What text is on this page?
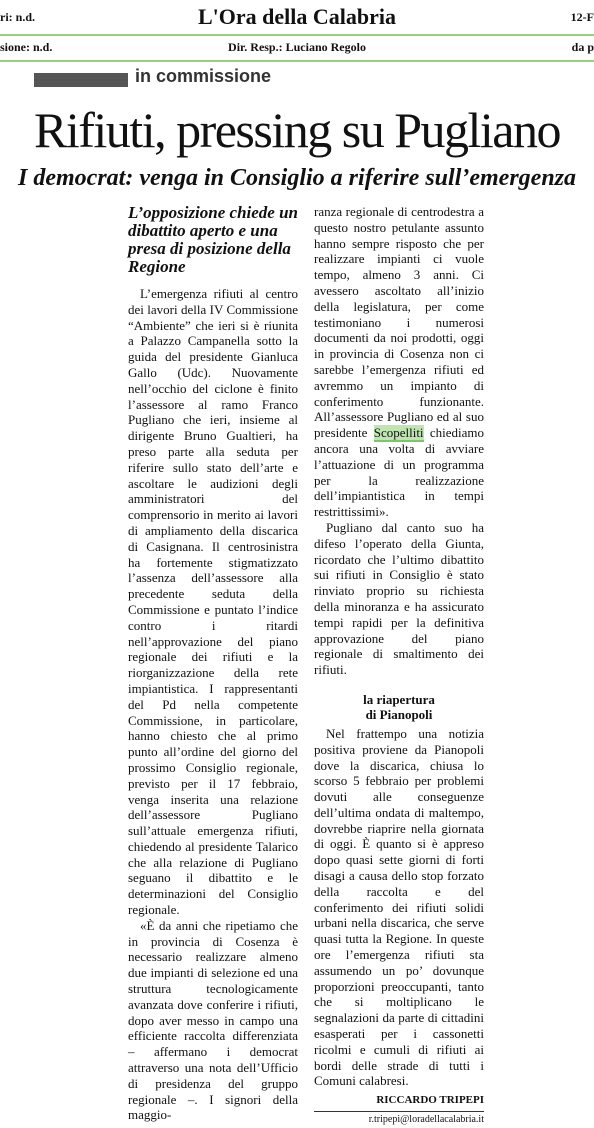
ri: n.d.
sione: n.d.
L'Ora della Calabria
Dir. Resp.: Luciano Regolo
12-F
da p
in commissione
Rifiuti, pressing su Pugliano
I democrat: venga in Consiglio a riferire sull’emergenza
L’opposizione chiede un dibattito aperto e una presa di posizione della Regione

L’emergenza rifiuti al centro dei lavori della IV Commissione “Ambiente” che ieri si è riunita a Palazzo Campanella sotto la guida del presidente Gianluca Gallo (Udc). Nuovamente nell’occhio del ciclone è finito l’assessore al ramo Franco Pugliano che ieri, insieme al dirigente Bruno Gualtieri, ha preso parte alla seduta per riferire sullo stato dell’arte e ascoltare le audizioni degli amministratori del comprensorio in merito ai lavori di ampliamento della discarica di Casignana. Il centrosinistra ha fortemente stigmatizzato l’assenza dell’assessore alla precedente seduta della Commissione e puntato l’indice contro i ritardi nell’approvazione del piano regionale dei rifiuti e la riorganizzazione della rete impiantistica. I rappresentanti del Pd nella competente Commissione, in particolare, hanno chiesto che al primo punto all’ordine del giorno del prossimo Consiglio regionale, previsto per il 17 febbraio, venga inserita una relazione dell’assessore Pugliano sull’attuale emergenza rifiuti, chiedendo al presidente Talarico che alla relazione di Pugliano seguano il dibattito e le determinazioni del Consiglio regionale.

«È da anni che ripetiamo che in provincia di Cosenza è necessario realizzare almeno due impianti di selezione ed una struttura tecnologicamente avanzata dove conferire i rifiuti, dopo aver messo in campo una efficiente raccolta differenziata – affermano i democrat attraverso una nota dell’Ufficio di presidenza del gruppo regionale –. I signori della maggio-

ranza regionale di centrodestra a questo nostro petulante assunto hanno sempre risposto che per realizzare impianti ci vuole tempo, almeno 3 anni. Ci avessero ascoltato all’inizio della legislatura, per come testimoniano i numerosi documenti da noi prodotti, oggi in provincia di Cosenza non ci sarebbe l’emergenza rifiuti ed avremmo un impianto di conferimento funzionante. All’assessore Pugliano ed al suo presidente Scopelliti chiediamo ancora una volta di avviare l’attuazione di un programma per la realizzazione dell’impiantistica in tempi restrittissimi».

Pugliano dal canto suo ha difeso l’operato della Giunta, ricordato che l’ultimo dibattito sui rifiuti in Consiglio è stato rinviato proprio su richiesta della minoranza e ha assicurato tempi rapidi per la definitiva approvazione del piano regionale di smaltimento dei rifiuti.

la riapertura
di Pianopoli

Nel frattempo una notizia positiva proviene da Pianopoli dove la discarica, chiusa lo scorso 5 febbraio per problemi dovuti alle conseguenze dell’ultima ondata di maltempo, dovrebbe riaprire nella giornata di oggi. È quanto si è appreso dopo quasi sette giorni di forti disagi a causa dello stop forzato della raccolta e del conferimento dei rifiuti solidi urbani nella discarica, che serve quasi tutta la Regione. In queste ore l’emergenza rifiuti sta assumendo un po’ dovunque proporzioni preoccupanti, tanto che si moltiplicano le segnalazioni da parte di cittadini esasperati per i cassonetti ricolmi e cumuli di rifiuti ai bordi delle strade di tutti i Comuni calabresi.

RICCARDO TRIPEPI
r.tripepi@loradellacalabria.it
